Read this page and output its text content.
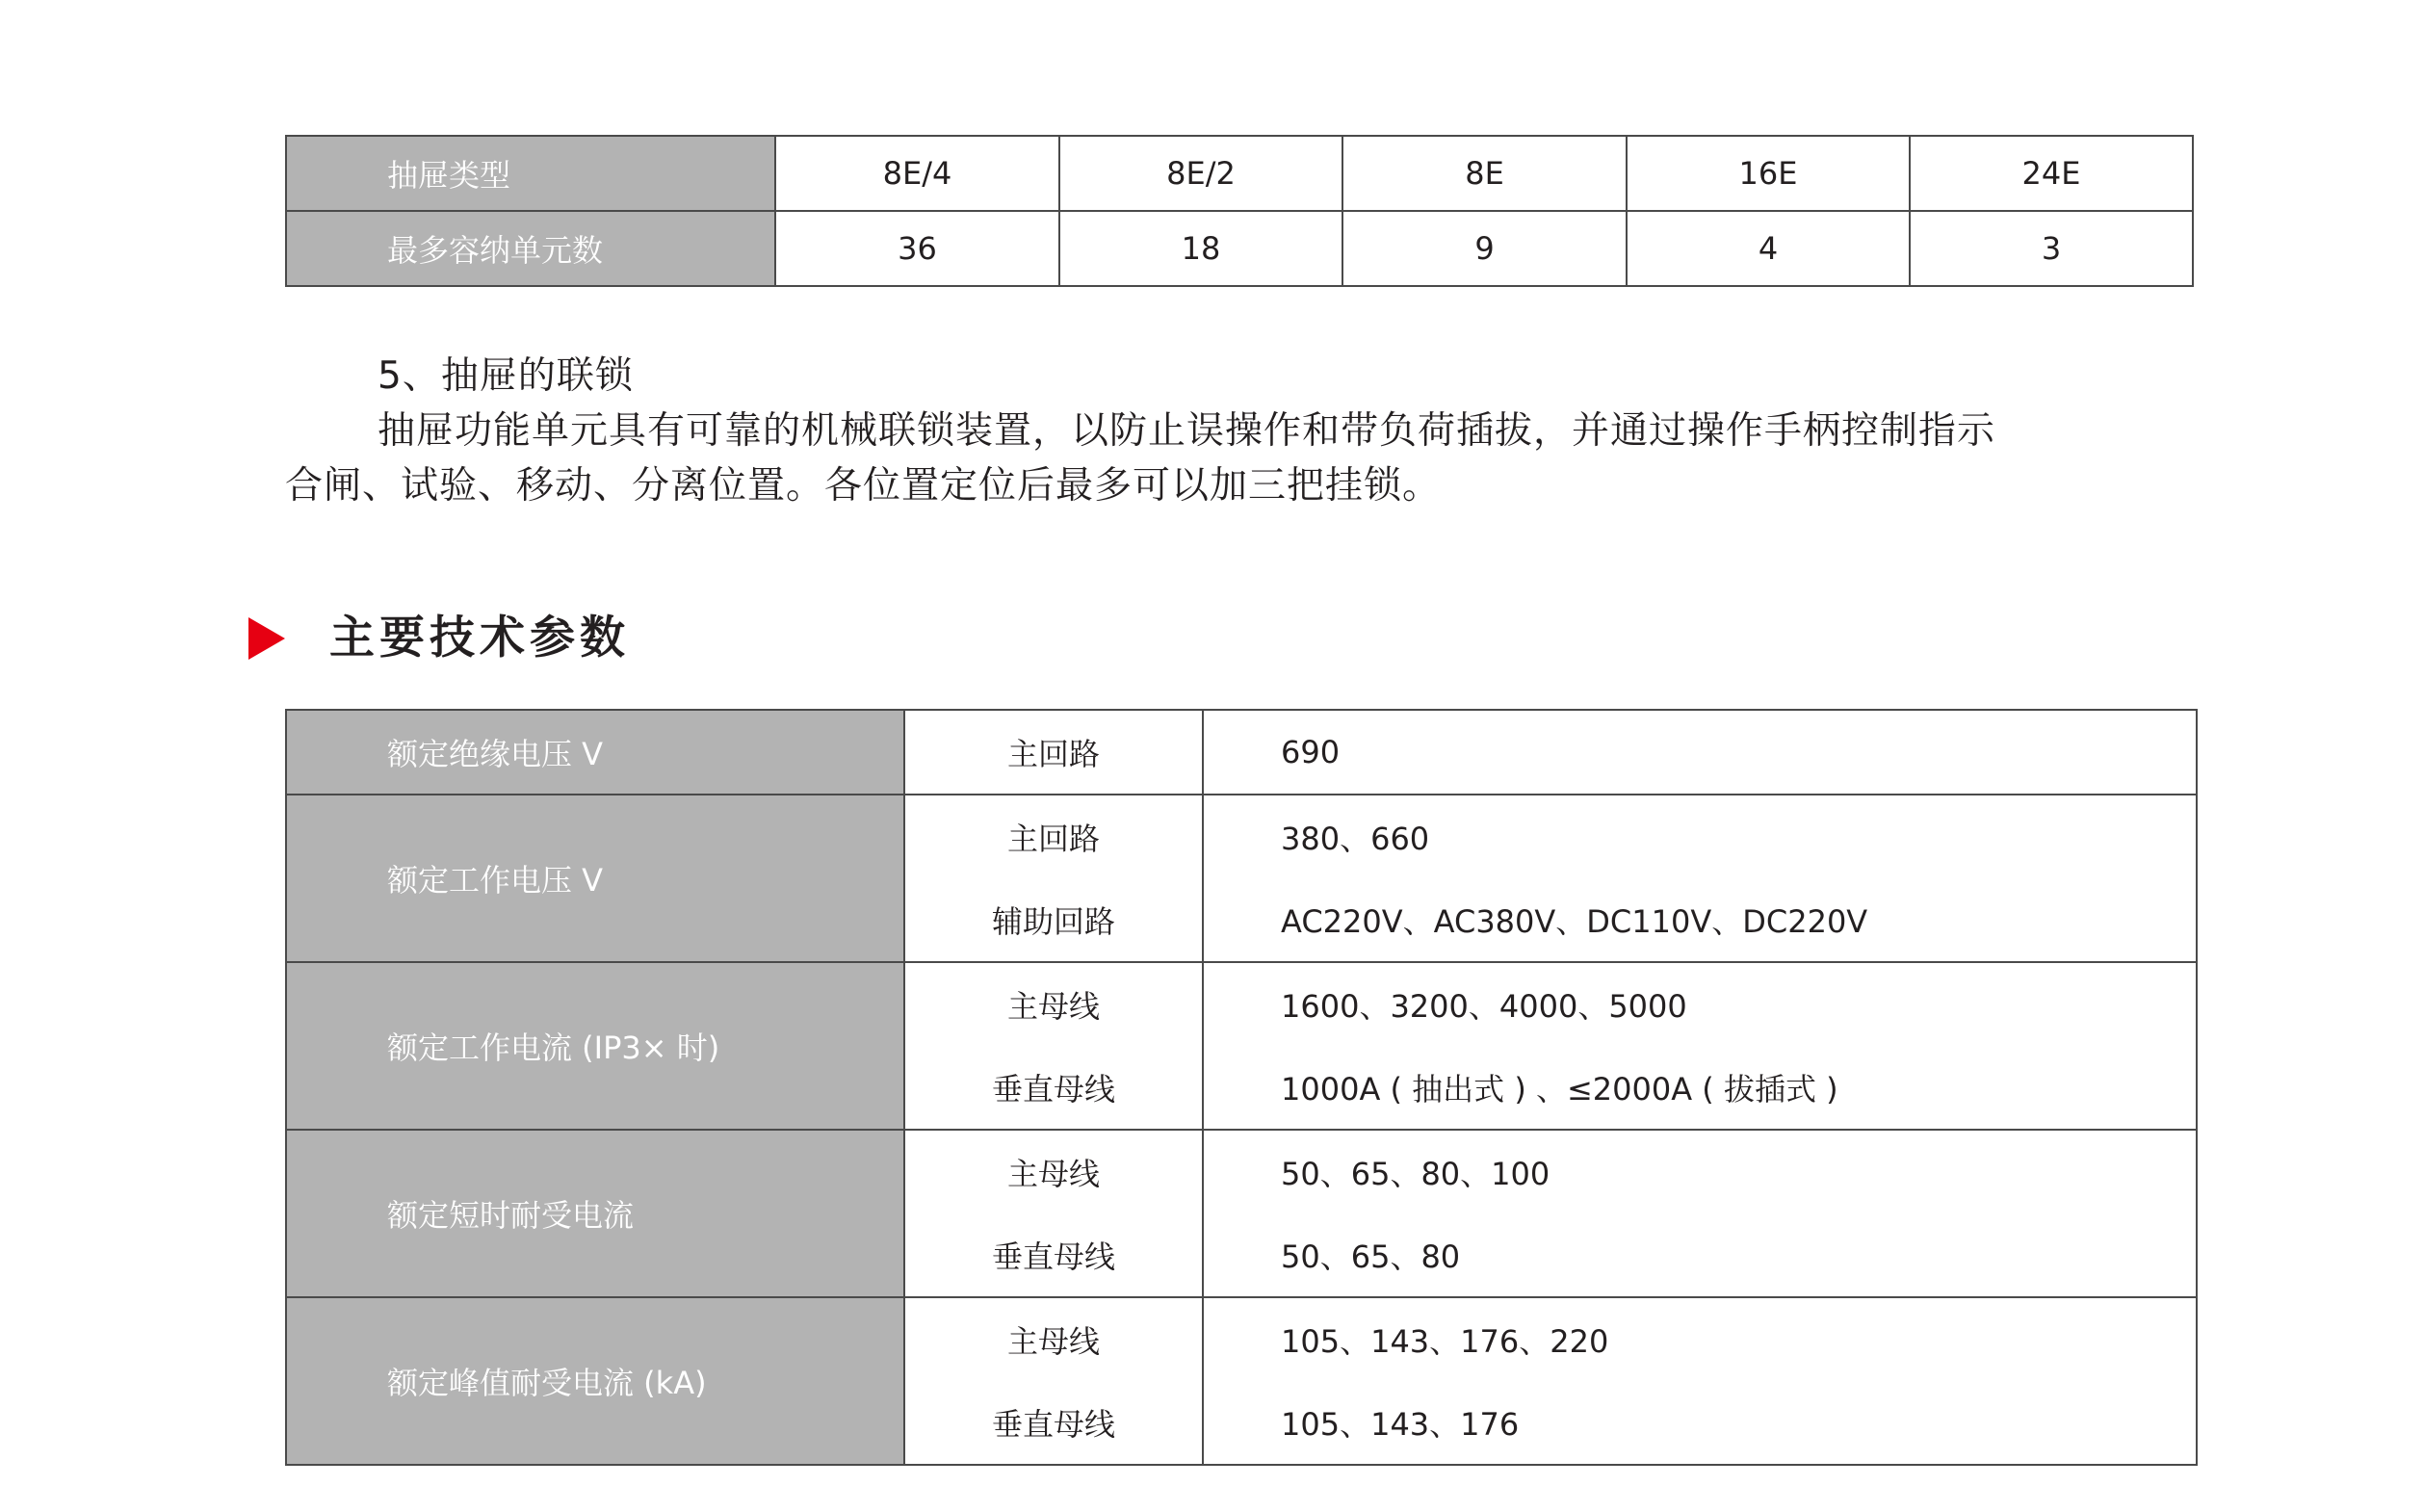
抽屉类型	8E/4	8E/2	8E	16E	24E
最多容纳单元数	36	18	9	4	3
5、抽屉的联锁
抽屉功能单元具有可靠的机械联锁装置，以防止误操作和带负荷插拔，并通过操作手柄控制指示
合闸、试验、移动、分离位置。各位置定位后最多可以加三把挂锁。
主要技术参数
额定绝缘电压 V	主回路	690
额定工作电压 V	主回路	380、660
	辅助回路	AC220V、AC380V、DC110V、DC220V
额定工作电流 (IP3× 时)	主母线	1600、3200、4000、5000
	垂直母线	1000A ( 抽出式 ) 、≤2000A ( 拔插式 )
额定短时耐受电流	主母线	50、65、80、100
	垂直母线	50、65、80
额定峰值耐受电流 (kA)	主母线	105、143、176、220
	垂直母线	105、143、176
